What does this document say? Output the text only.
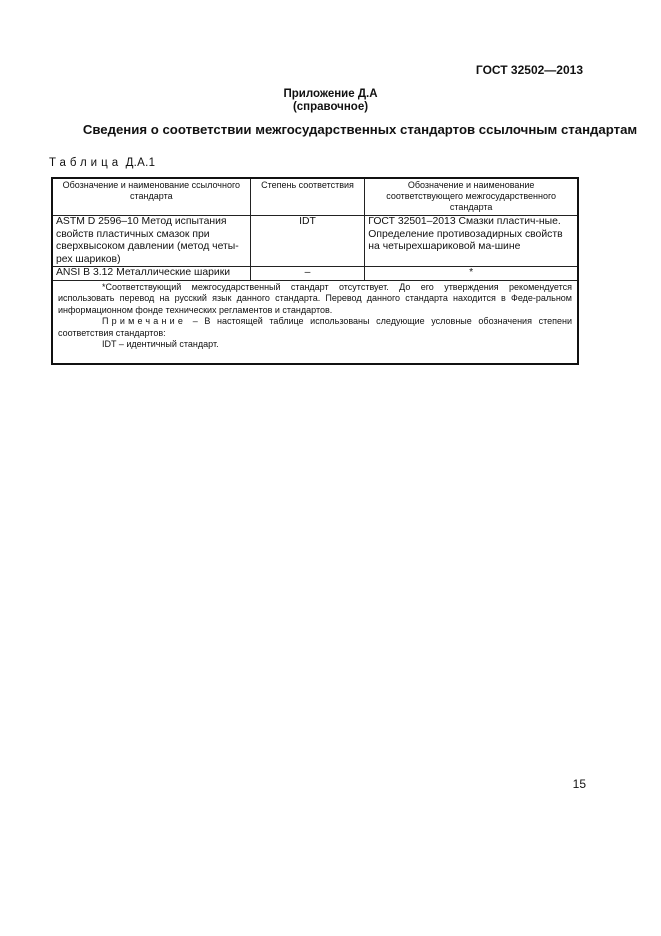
ГОСТ 32502—2013
Приложение Д.А
(справочное)
Сведения о соответствии межгосударственных стандартов ссылочным стандартам
Таблица Д.А.1
Обозначение и наименование ссылочного стандарта	Степень соответствия	Обозначение и наименование соответствующего межгосударственного стандарта
ASTM D 2596–10 Метод испытания свойств пластичных смазок при сверхвысоком давлении (метод четы-рех шариков)	IDT	ГОСТ 32501–2013 Смазки пластич-ные. Определение противозадирных свойств на четырехшариковой ма-шине
ANSI B 3.12 Металлические шарики	–	*

*Соответствующий межгосударственный стандарт отсутствует. До его утверждения рекомендуется использовать перевод на русский язык данного стандарта. Перевод данного стандарта находится в Феде-ральном информационном фонде технических регламентов и стандартов.

Примечание – В настоящей таблице использованы следующие условные обозначения степени соответствия стандартов:

IDT – идентичный стандарт.		

15
